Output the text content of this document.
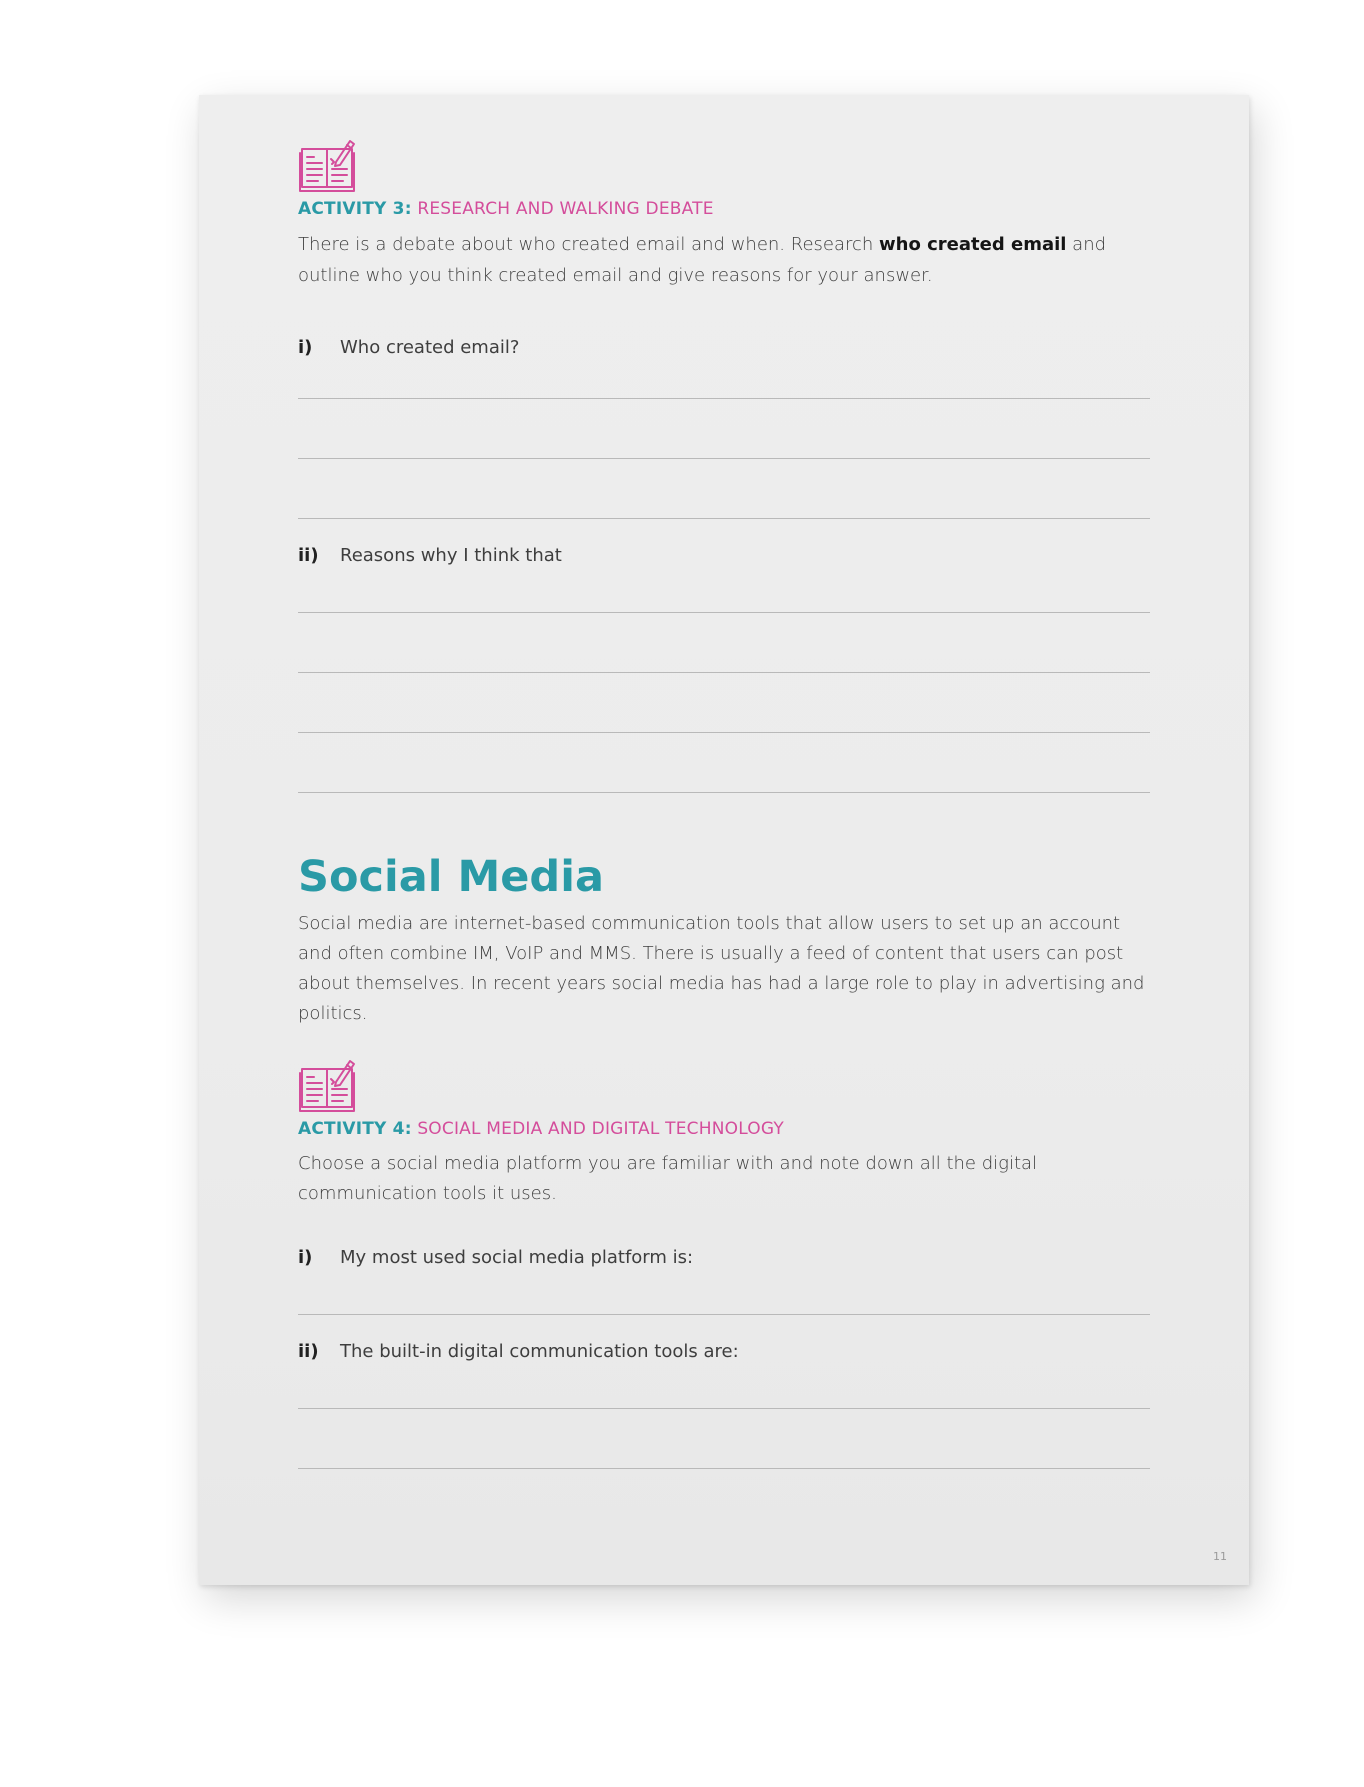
ACTIVITY 3: RESEARCH AND WALKING DEBATE
There is a debate about who created email and when. Research who created email and outline who you think created email and give reasons for your answer.
i)	Who created email?
ii)	Reasons why I think that
Social Media
Social media are internet-based communication tools that allow users to set up an account and often combine IM, VoIP and MMS. There is usually a feed of content that users can post about themselves. In recent years social media has had a large role to play in advertising and politics.
ACTIVITY 4: SOCIAL MEDIA AND DIGITAL TECHNOLOGY
Choose a social media platform you are familiar with and note down all the digital communication tools it uses.
i)	My most used social media platform is:
ii)	The built-in digital communication tools are:
11
